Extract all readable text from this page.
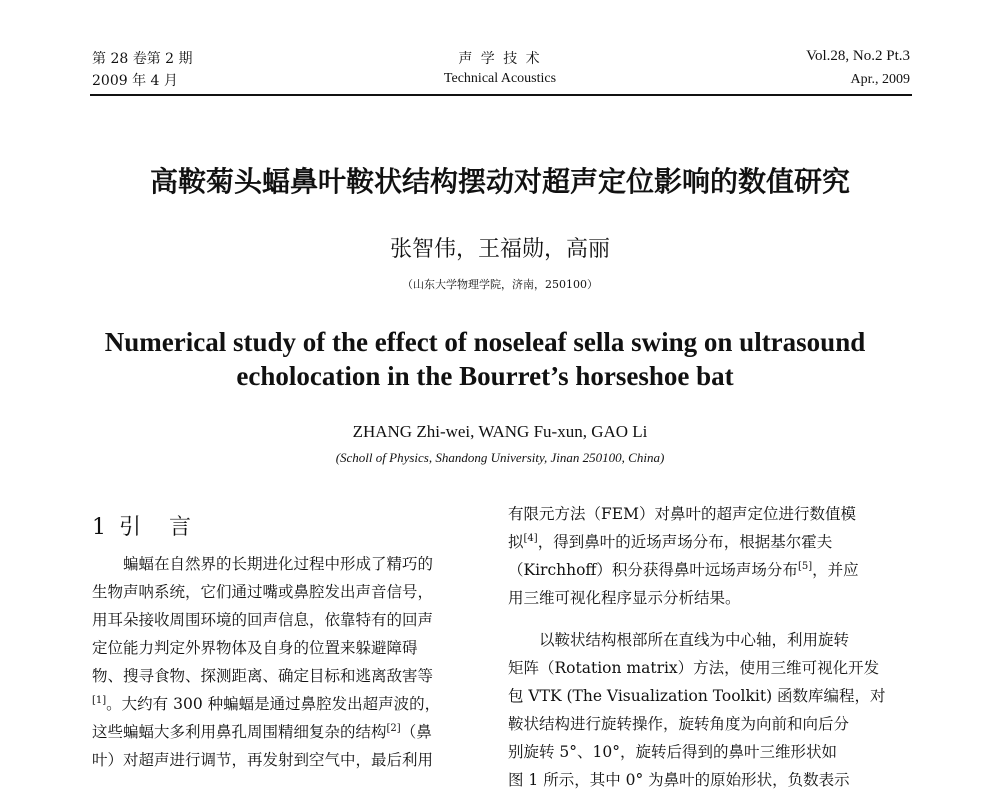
第 28 卷第 2 期
2009 年 4 月
声 学 技 术
Technical Acoustics
Vol.28, No.2 Pt.3
Apr., 2009
高鞍菊头蝠鼻叶鞍状结构摆动对超声定位影响的数值研究
张智伟，王福勋，高丽
（山东大学物理学院，济南，250100）
Numerical study of the effect of noseleaf sella swing on ultrasound
echolocation in the Bourret’s horseshoe bat
ZHANG Zhi-wei, WANG Fu-xun, GAO Li
(Scholl of Physics, Shandong University, Jinan 250100, China)
1 引　言
蝙蝠在自然界的长期进化过程中形成了精巧的
生物声呐系统，它们通过嘴或鼻腔发出声音信号，
用耳朵接收周围环境的回声信息，依靠特有的回声
定位能力判定外界物体及自身的位置来躲避障碍
物、搜寻食物、探测距离、确定目标和逃离敌害等
[1]。大约有 300 种蝙蝠是通过鼻腔发出超声波的，
这些蝙蝠大多利用鼻孔周围精细复杂的结构[2]（鼻
叶）对超声进行调节，再发射到空气中，最后利用
有限元方法（FEM）对鼻叶的超声定位进行数值模
拟[4]，得到鼻叶的近场声场分布，根据基尔霍夫
（Kirchhoff）积分获得鼻叶远场声场分布[5]，并应
用三维可视化程序显示分析结果。
以鞍状结构根部所在直线为中心轴，利用旋转
矩阵（Rotation matrix）方法，使用三维可视化开发
包 VTK (The Visualization Toolkit) 函数库编程，对
鞍状结构进行旋转操作，旋转角度为向前和向后分
别旋转 5°、10°，旋转后得到的鼻叶三维形状如
图 1 所示，其中 0° 为鼻叶的原始形状，负数表示
